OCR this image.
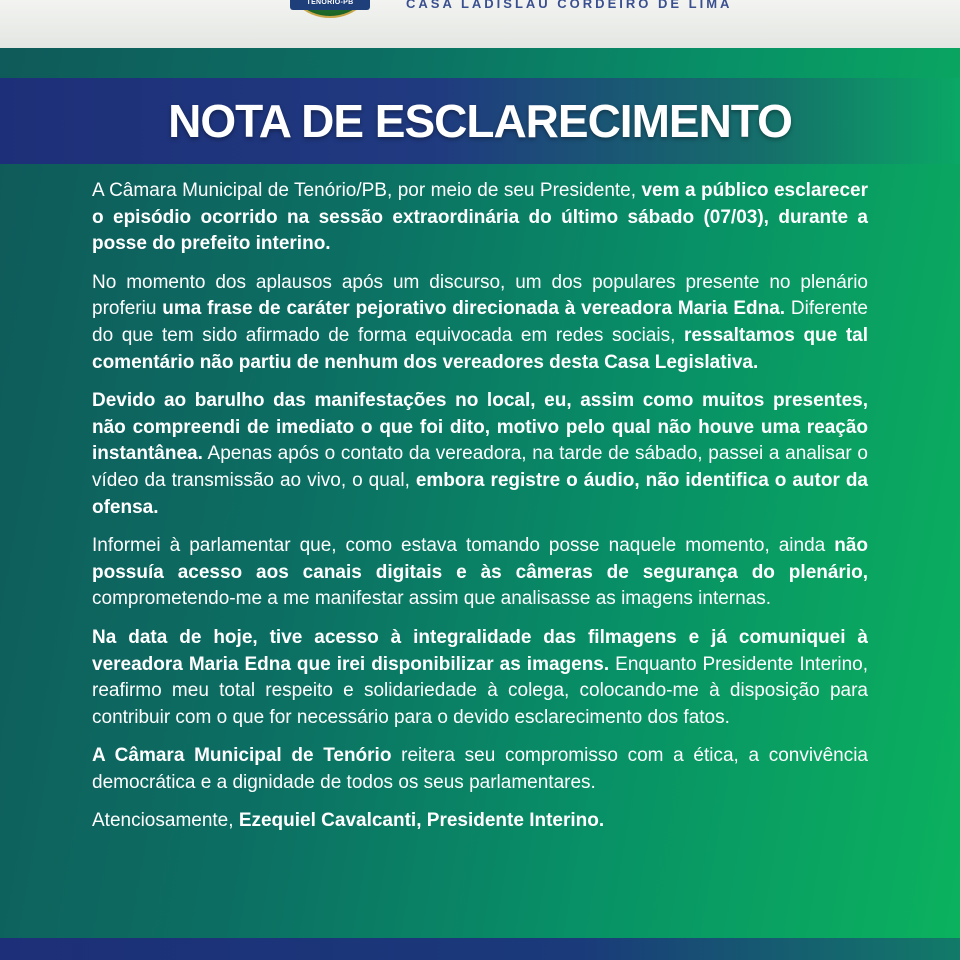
TENÓRIO-PB	CASA LADISLAU CORDEIRO DE LIMA
NOTA DE ESCLARECIMENTO

A Câmara Municipal de Tenório/PB, por meio de seu Presidente, vem a público esclarecer o episódio ocorrido na sessão extraordinária do último sábado (07/03), durante a posse do prefeito interino.

No momento dos aplausos após um discurso, um dos populares presente no plenário proferiu uma frase de caráter pejorativo direcionada à vereadora Maria Edna. Diferente do que tem sido afirmado de forma equivocada em redes sociais, ressaltamos que tal comentário não partiu de nenhum dos vereadores desta Casa Legislativa.

Devido ao barulho das manifestações no local, eu, assim como muitos presentes, não compreendi de imediato o que foi dito, motivo pelo qual não houve uma reação instantânea. Apenas após o contato da vereadora, na tarde de sábado, passei a analisar o vídeo da transmissão ao vivo, o qual, embora registre o áudio, não identifica o autor da ofensa.

Informei à parlamentar que, como estava tomando posse naquele momento, ainda não possuía acesso aos canais digitais e às câmeras de segurança do plenário, comprometendo-me a me manifestar assim que analisasse as imagens internas.

Na data de hoje, tive acesso à integralidade das filmagens e já comuniquei à vereadora Maria Edna que irei disponibilizar as imagens. Enquanto Presidente Interino, reafirmo meu total respeito e solidariedade à colega, colocando-me à disposição para contribuir com o que for necessário para o devido esclarecimento dos fatos.

A Câmara Municipal de Tenório reitera seu compromisso com a ética, a convivência democrática e a dignidade de todos os seus parlamentares.

Atenciosamente, Ezequiel Cavalcanti, Presidente Interino.
